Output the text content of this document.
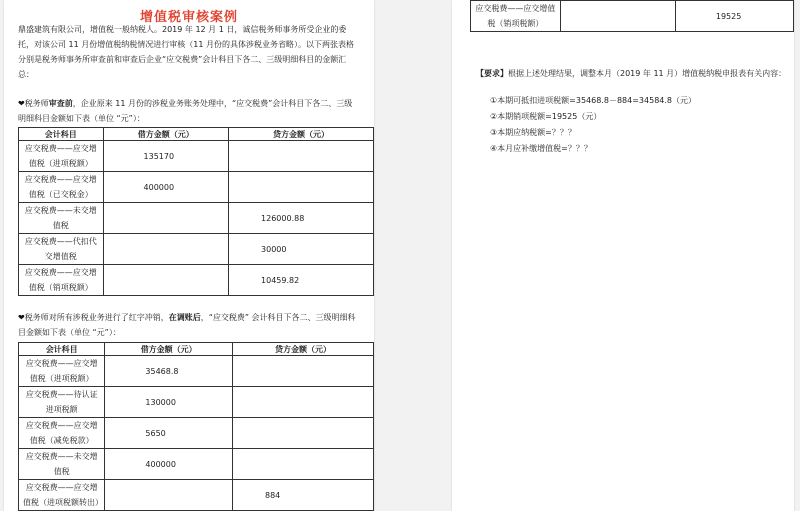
增值税审核案例
鼎盛建筑有限公司，增值税一般纳税人。2019 年 12 月 1 日，诚信税务师事务所受企业的委托，对该公司 11 月份增值税纳税情况进行审核（11 月份的具体涉税业务省略）。以下两张表格分别是税务师事务所审查前和审查后企业“应交税费”会计科目下各二、三级明细科目的金额汇总：
❤税务师审查前，企业原来 11 月份的涉税业务账务处理中，“应交税费”会计科目下各二、三级明细科目金额如下表（单位 “元”）：
会计科目	借方金额（元）	贷方金额（元）
应交税费——应交增值税（进项税额）	135170	
应交税费——应交增值税（已交税金）	400000	
应交税费——未交增值税		126000.88
应交税费——代扣代交增值税		30000
应交税费——应交增值税（销项税额）		10459.82
❤税务师对所有涉税业务进行了红字冲销，在调账后，“应交税费” 会计科目下各二、三级明细科目金额如下表（单位 “元”）：
会计科目	借方金额（元）	贷方金额（元）
应交税费——应交增值税（进项税额）	35468.8	
应交税费——待认证进项税额	130000	
应交税费——应交增值税（减免税款）	5650	
应交税费——未交增值税	400000	
应交税费——应交增值税（进项税额转出）		884
应交税费——应交增值税（销项税额）		19525
【要求】根据上述处理结果，调整本月（2019 年 11 月）增值税纳税申报表有关内容：
①本期可抵扣进项税额=35468.8－884=34584.8（元）
②本期销项税额=19525（元）
③本期应纳税额=？？？
④本月应补缴增值税=？？？
